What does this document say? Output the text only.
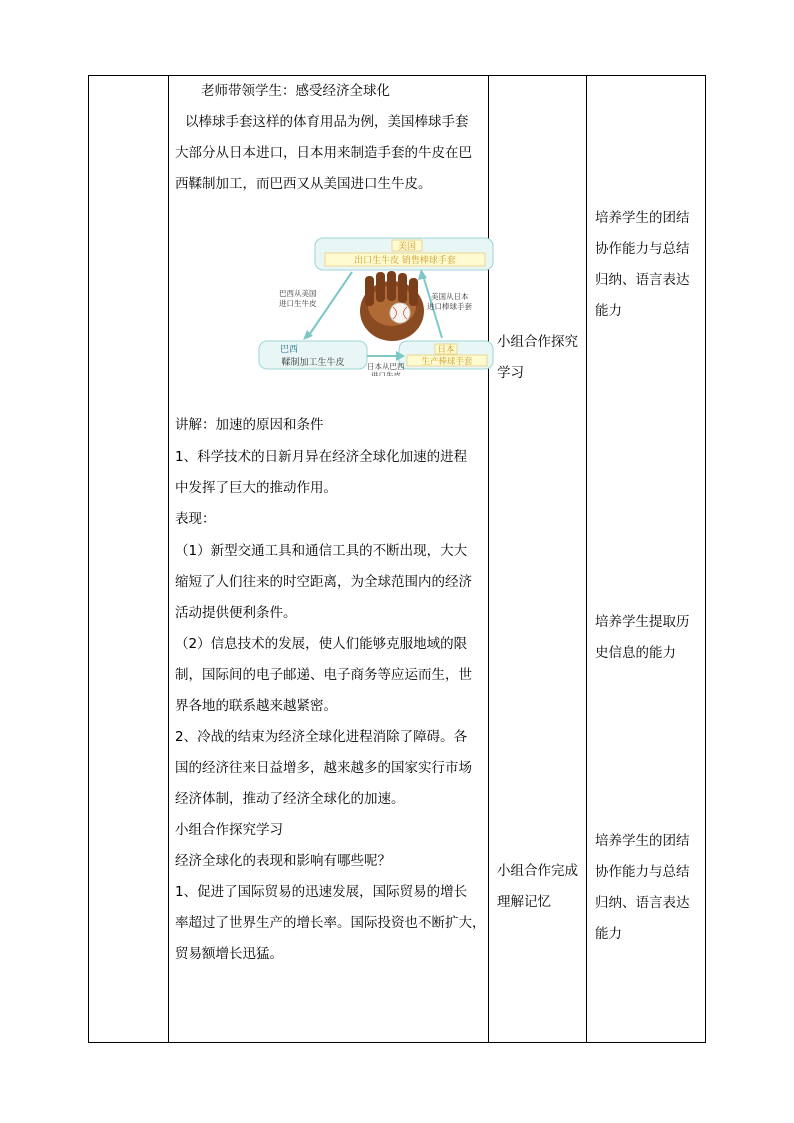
老师带领学生：感受经济全球化
以棒球手套这样的体育用品为例，美国棒球手套
大部分从日本进口，日本用来制造手套的牛皮在巴
西鞣制加工，而巴西又从美国进口生牛皮。
美国
出口生牛皮 销售棒球手套
巴西
鞣制加工生牛皮
日本
生产棒球手套
巴西从美国
进口生牛皮
美国从日本
进口棒球手套
日本从巴西
进口牛皮
讲解：加速的原因和条件
1、科学技术的日新月异在经济全球化加速的进程
中发挥了巨大的推动作用。
表现：
（1）新型交通工具和通信工具的不断出现，大大
缩短了人们往来的时空距离，为全球范围内的经济
活动提供便利条件。
（2）信息技术的发展，使人们能够克服地域的限
制，国际间的电子邮递、电子商务等应运而生，世
界各地的联系越来越紧密。
2、冷战的结束为经济全球化进程消除了障碍。各
国的经济往来日益增多，越来越多的国家实行市场
经济体制，推动了经济全球化的加速。
小组合作探究学习
经济全球化的表现和影响有哪些呢？
1、促进了国际贸易的迅速发展，国际贸易的增长
率超过了世界生产的增长率。国际投资也不断扩大，
贸易额增长迅猛。
小组合作探究
学习
小组合作完成
理解记忆
培养学生的团结
协作能力与总结
归纳、语言表达
能力
培养学生提取历
史信息的能力
培养学生的团结
协作能力与总结
归纳、语言表达
能力
